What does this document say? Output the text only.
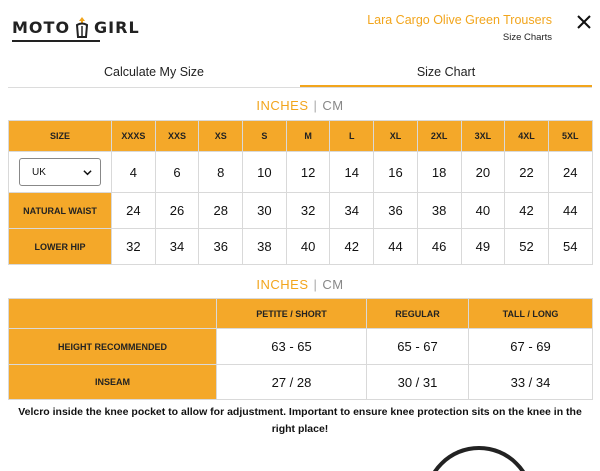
MOTO GIRL	Lara Cargo Olive Green Trousers
Size Charts
Calculate My Size	Size Chart
INCHES | CM
SIZE	XXXS	XXS	XS	S	M	L	XL	2XL	3XL	4XL	5XL

UK	4	6	8	10	12	14	16	18	20	22	24
NATURAL WAIST	24	26	28	30	32	34	36	38	40	42	44
LOWER HIP	32	34	36	38	40	42	44	46	49	52	54
INCHES | CM
	PETITE / SHORT	REGULAR	TALL / LONG
HEIGHT RECOMMENDED	63 - 65	65 - 67	67 - 69
INSEAM	27 / 28	30 / 31	33 / 34
Velcro inside the knee pocket to allow for adjustment. Important to ensure knee protection sits on the knee in the right place!
